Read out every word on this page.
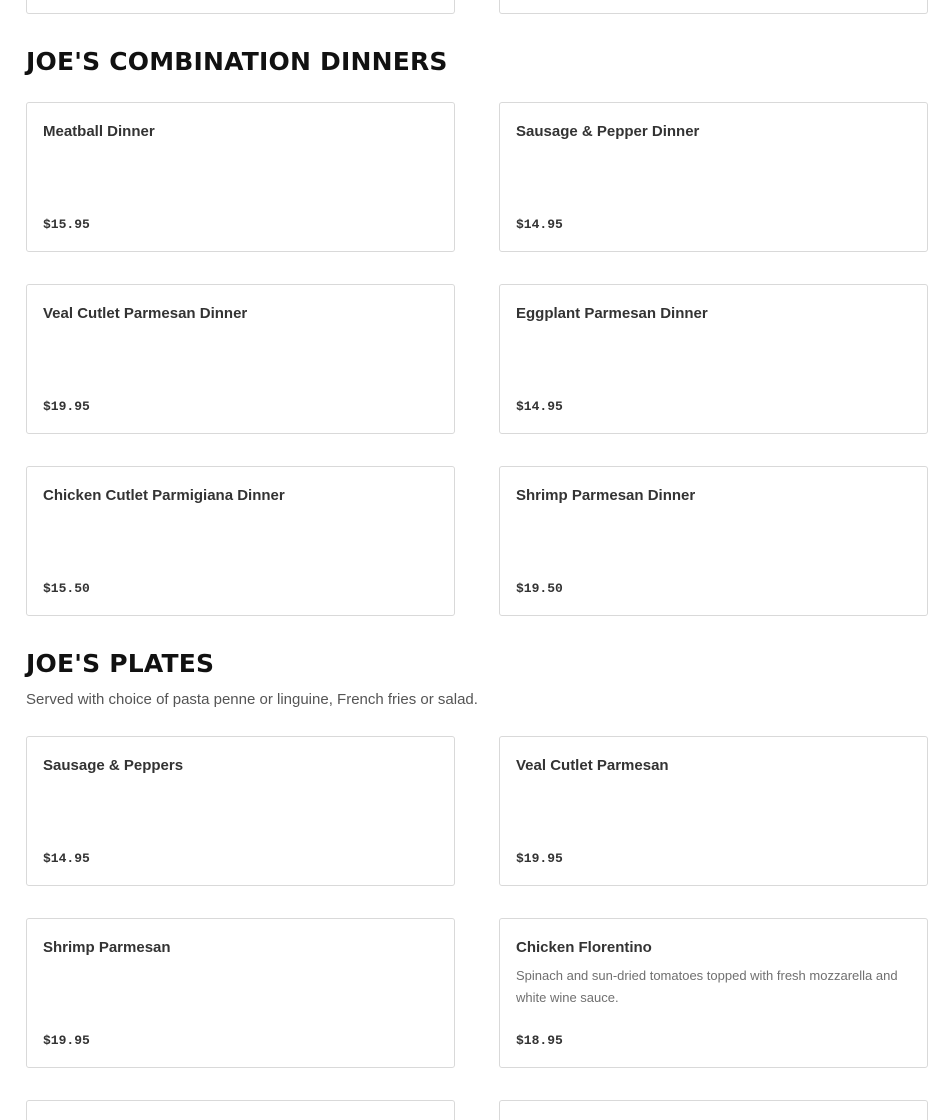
JOE'S COMBINATION DINNERS
Meatball Dinner
$15.95
Sausage & Pepper Dinner
$14.95
Veal Cutlet Parmesan Dinner
$19.95
Eggplant Parmesan Dinner
$14.95
Chicken Cutlet Parmigiana Dinner
$15.50
Shrimp Parmesan Dinner
$19.50
JOE'S PLATES
Served with choice of pasta penne or linguine, French fries or salad.
Sausage & Peppers
$14.95
Veal Cutlet Parmesan
$19.95
Shrimp Parmesan
$19.95
Chicken Florentino
Spinach and sun-dried tomatoes topped with fresh mozzarella and white wine sauce.
$18.95
